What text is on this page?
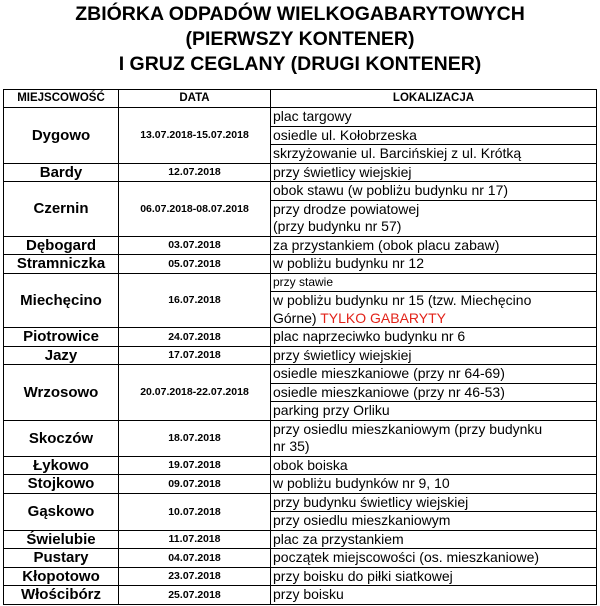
ZBIÓRKA ODPADÓW WIELKOGABARYTOWYCH
(PIERWSZY KONTENER)
I GRUZ CEGLANY (DRUGI KONTENER)
MIEJSCOWOŚĆ	DATA	LOKALIZACJA
Dygowo	13.07.2018-15.07.2018	plac targowy
osiedle ul. Kołobrzeska
skrzyżowanie ul. Barcińskiej z ul. Krótką

Bardy	12.07.2018	przy świetlicy wiejskiej

Czernin	06.07.2018-08.07.2018	obok stawu (w pobliżu budynku nr 17)
przy drodze powiatowej
(przy budynku nr 57)

Dębogard	03.07.2018	za przystankiem (obok placu zabaw)

Stramniczka	05.07.2018	w pobliżu budynku nr 12

Miechęcino	16.07.2018	przy stawie
w pobliżu budynku nr 15 (tzw. Miechęcino
Górne) TYLKO GABARYTY

Piotrowice	24.07.2018	plac naprzeciwko budynku nr 6

Jazy	17.07.2018	przy świetlicy wiejskiej

Wrzosowo	20.07.2018-22.07.2018	osiedle mieszkaniowe (przy nr 64-69)
osiedle mieszkaniowe (przy nr 46-53)
parking przy Orliku

Skoczów	18.07.2018	przy osiedlu mieszkaniowym (przy budynku
nr 35)

Łykowo	19.07.2018	obok boiska

Stojkowo	09.07.2018	w pobliżu budynków nr 9, 10

Gąskowo	10.07.2018	przy budynku świetlicy wiejskiej
przy osiedlu mieszkaniowym

Świelubie	11.07.2018	plac za przystankiem

Pustary	04.07.2018	początek miejscowości (os. mieszkaniowe)

Kłopotowo	23.07.2018	przy boisku do piłki siatkowej

Włościbórz	25.07.2018	przy boisku
